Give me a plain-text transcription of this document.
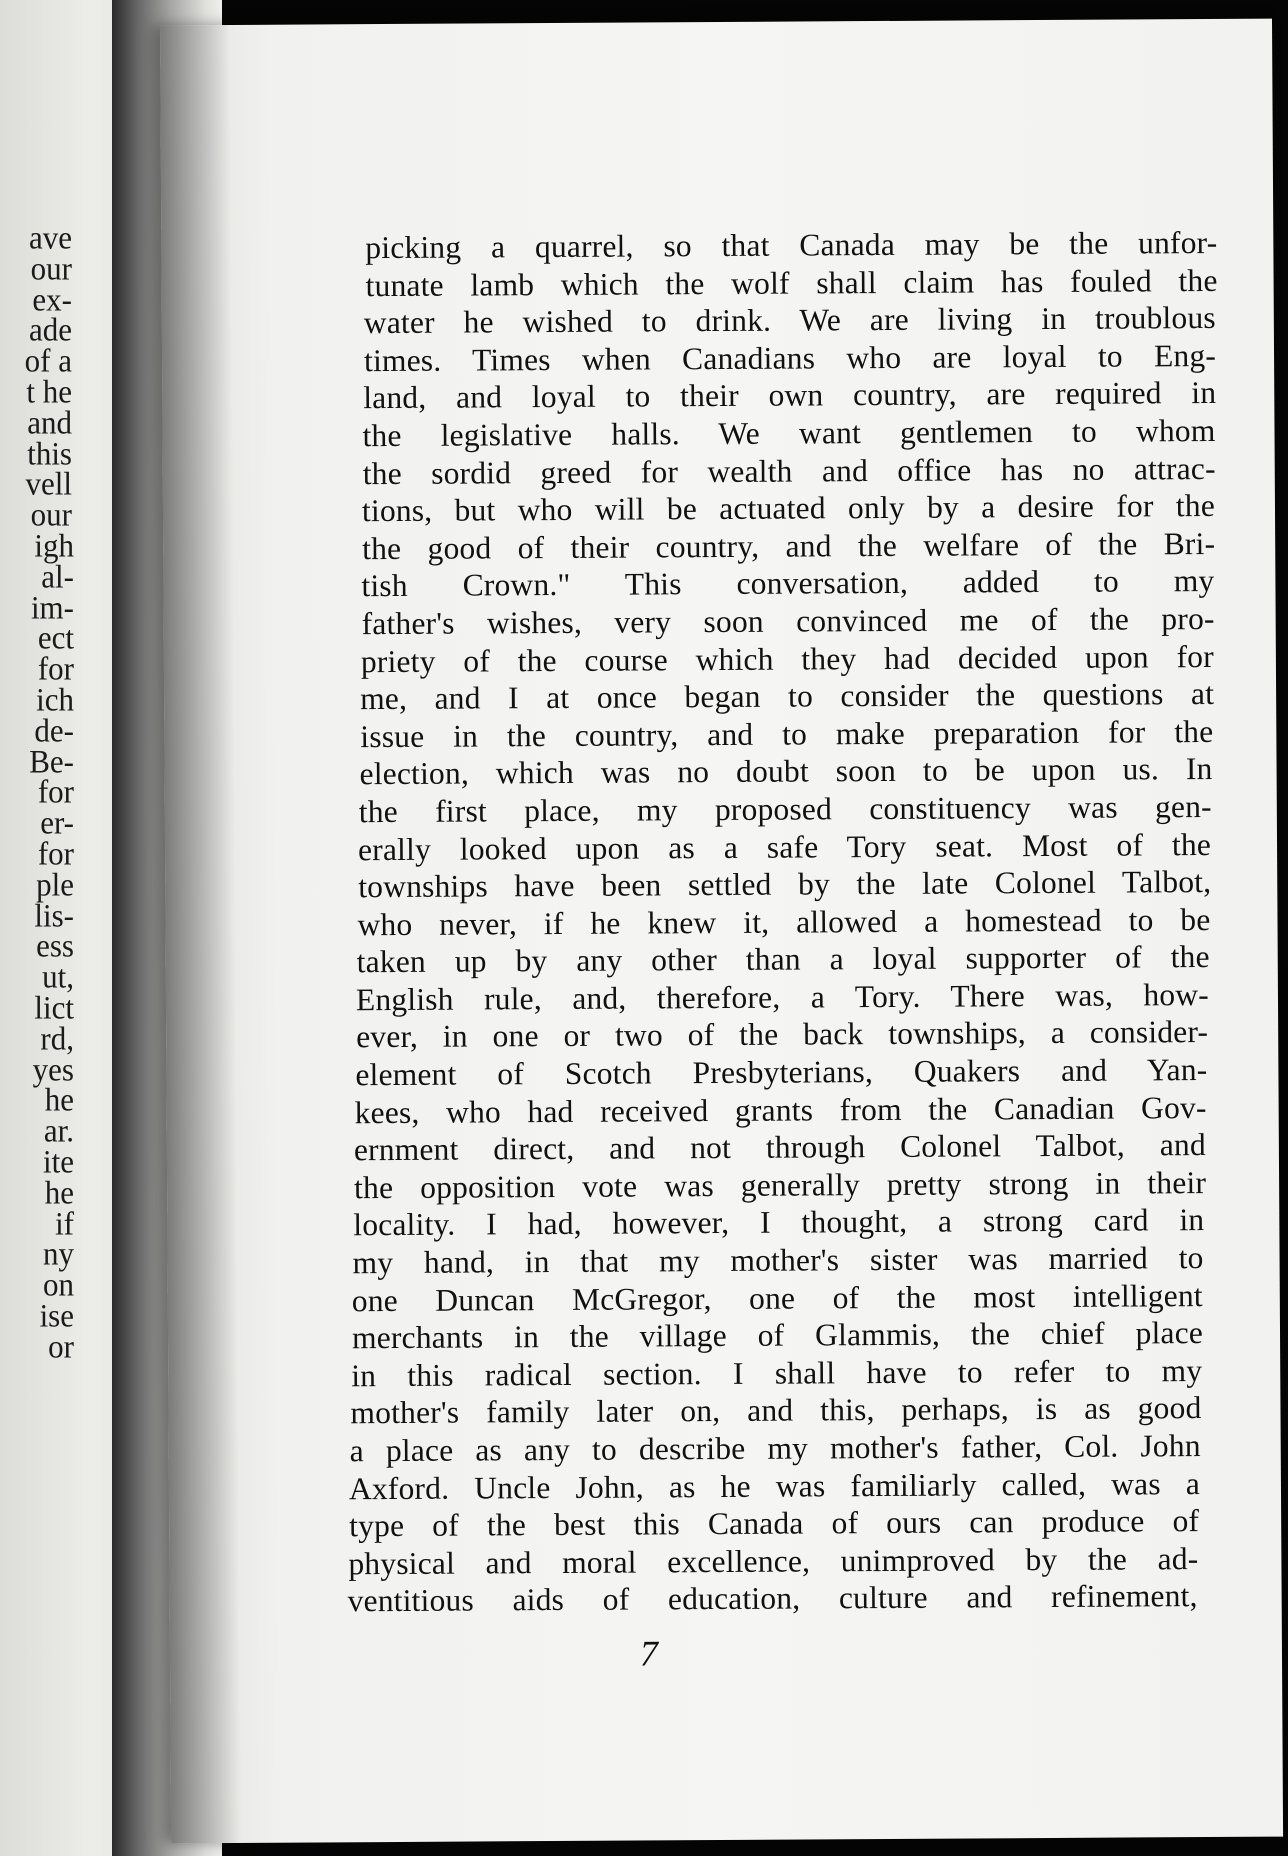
ave
our
ex-
ade
of a
t he
and
this
vell
our
igh
al-
im-
ect
for
ich
de-
Be-
for
er-
for
ple
lis-
ess
ut,
lict
rd,
yes
he
ar.
ite
he
if
ny
on
ise
or
picking a quarrel, so that Canada may be the unfor-
tunate lamb which the wolf shall claim has fouled the
water he wished to drink. We are living in troublous
times. Times when Canadians who are loyal to Eng-
land, and loyal to their own country, are required in
the legislative halls. We want gentlemen to whom
the sordid greed for wealth and office has no attrac-
tions, but who will be actuated only by a desire for the
the good of their country, and the welfare of the Bri-
tish Crown." This conversation, added to my
father's wishes, very soon convinced me of the pro-
priety of the course which they had decided upon for
me, and I at once began to consider the questions at
issue in the country, and to make preparation for the
election, which was no doubt soon to be upon us. In
the first place, my proposed constituency was gen-
erally looked upon as a safe Tory seat. Most of the
townships have been settled by the late Colonel Talbot,
who never, if he knew it, allowed a homestead to be
taken up by any other than a loyal supporter of the
English rule, and, therefore, a Tory. There was, how-
ever, in one or two of the back townships, a consider-
element of Scotch Presbyterians, Quakers and Yan-
kees, who had received grants from the Canadian Gov-
ernment direct, and not through Colonel Talbot, and
the opposition vote was generally pretty strong in their
locality. I had, however, I thought, a strong card in
my hand, in that my mother's sister was married to
one Duncan McGregor, one of the most intelligent
merchants in the village of Glammis, the chief place
in this radical section. I shall have to refer to my
mother's family later on, and this, perhaps, is as good
a place as any to describe my mother's father, Col. John
Axford. Uncle John, as he was familiarly called, was a
type of the best this Canada of ours can produce of
physical and moral excellence, unimproved by the ad-
ventitious aids of education, culture and refinement,
7
